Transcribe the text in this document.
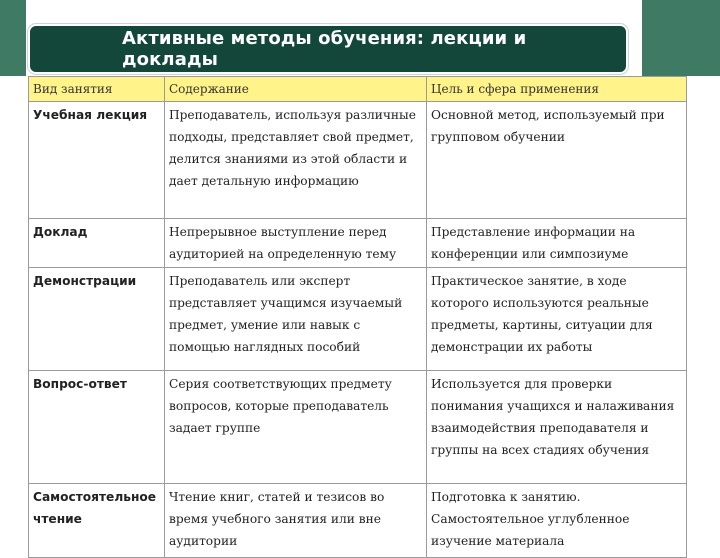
Активные методы обучения: лекции и доклады
Вид занятия	Содержание	Цель и сфера применения
Учебная лекция	Преподаватель, используя различные подходы, представляет свой предмет, делится знаниями из этой области и дает детальную информацию	Основной метод, используемый при групповом обучении
Доклад	Непрерывное выступление перед аудиторией на определенную тему	Представление информации на конференции или симпозиуме
Демонстрации	Преподаватель или эксперт представляет учащимся изучаемый предмет, умение или навык с помощью наглядных пособий	Практическое занятие, в ходе которого используются реальные предметы, картины, ситуации для демонстрации их работы
Вопрос-ответ	Серия соответствующих предмету вопросов, которые преподаватель задает группе	Используется для проверки понимания учащихся и налаживания взаимодействия преподавателя и группы на всех стадиях обучения
Самостоятельное чтение	Чтение книг, статей и тезисов во время учебного занятия или вне аудитории	Подготовка к занятию. Самостоятельное углубленное изучение материала
